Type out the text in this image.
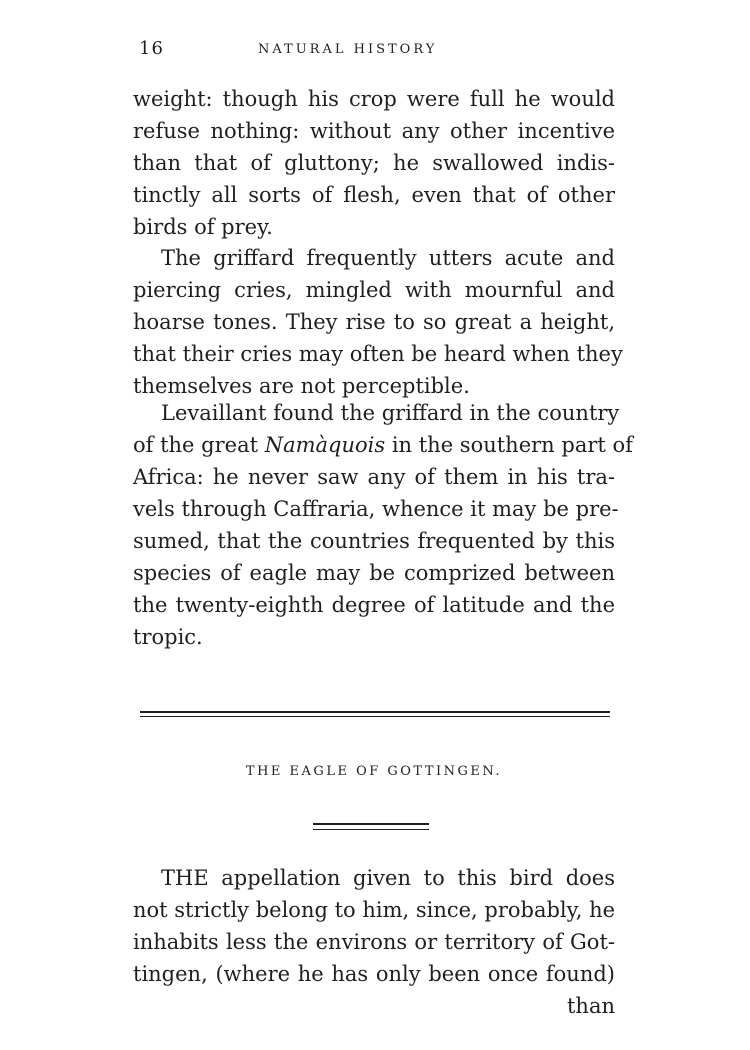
16	NATURAL HISTORY
weight: though his crop were full he would
refuse nothing: without any other incentive
than that of gluttony; he swallowed indis-
tinctly all sorts of flesh, even that of other
birds of prey.
The griffard frequently utters acute and
piercing cries, mingled with mournful and
hoarse tones. They rise to so great a height,
that their cries may often be heard when they
themselves are not perceptible.
Levaillant found the griffard in the country
of the great Namàquois in the southern part of
Africa: he never saw any of them in his tra-
vels through Caffraria, whence it may be pre-
sumed, that the countries frequented by this
species of eagle may be comprized between
the twenty-eighth degree of latitude and the
tropic.
THE EAGLE OF GOTTINGEN.
THE appellation given to this bird does
not strictly belong to him, since, probably, he
inhabits less the environs or territory of Got-
tingen, (where he has only been once found)
than
